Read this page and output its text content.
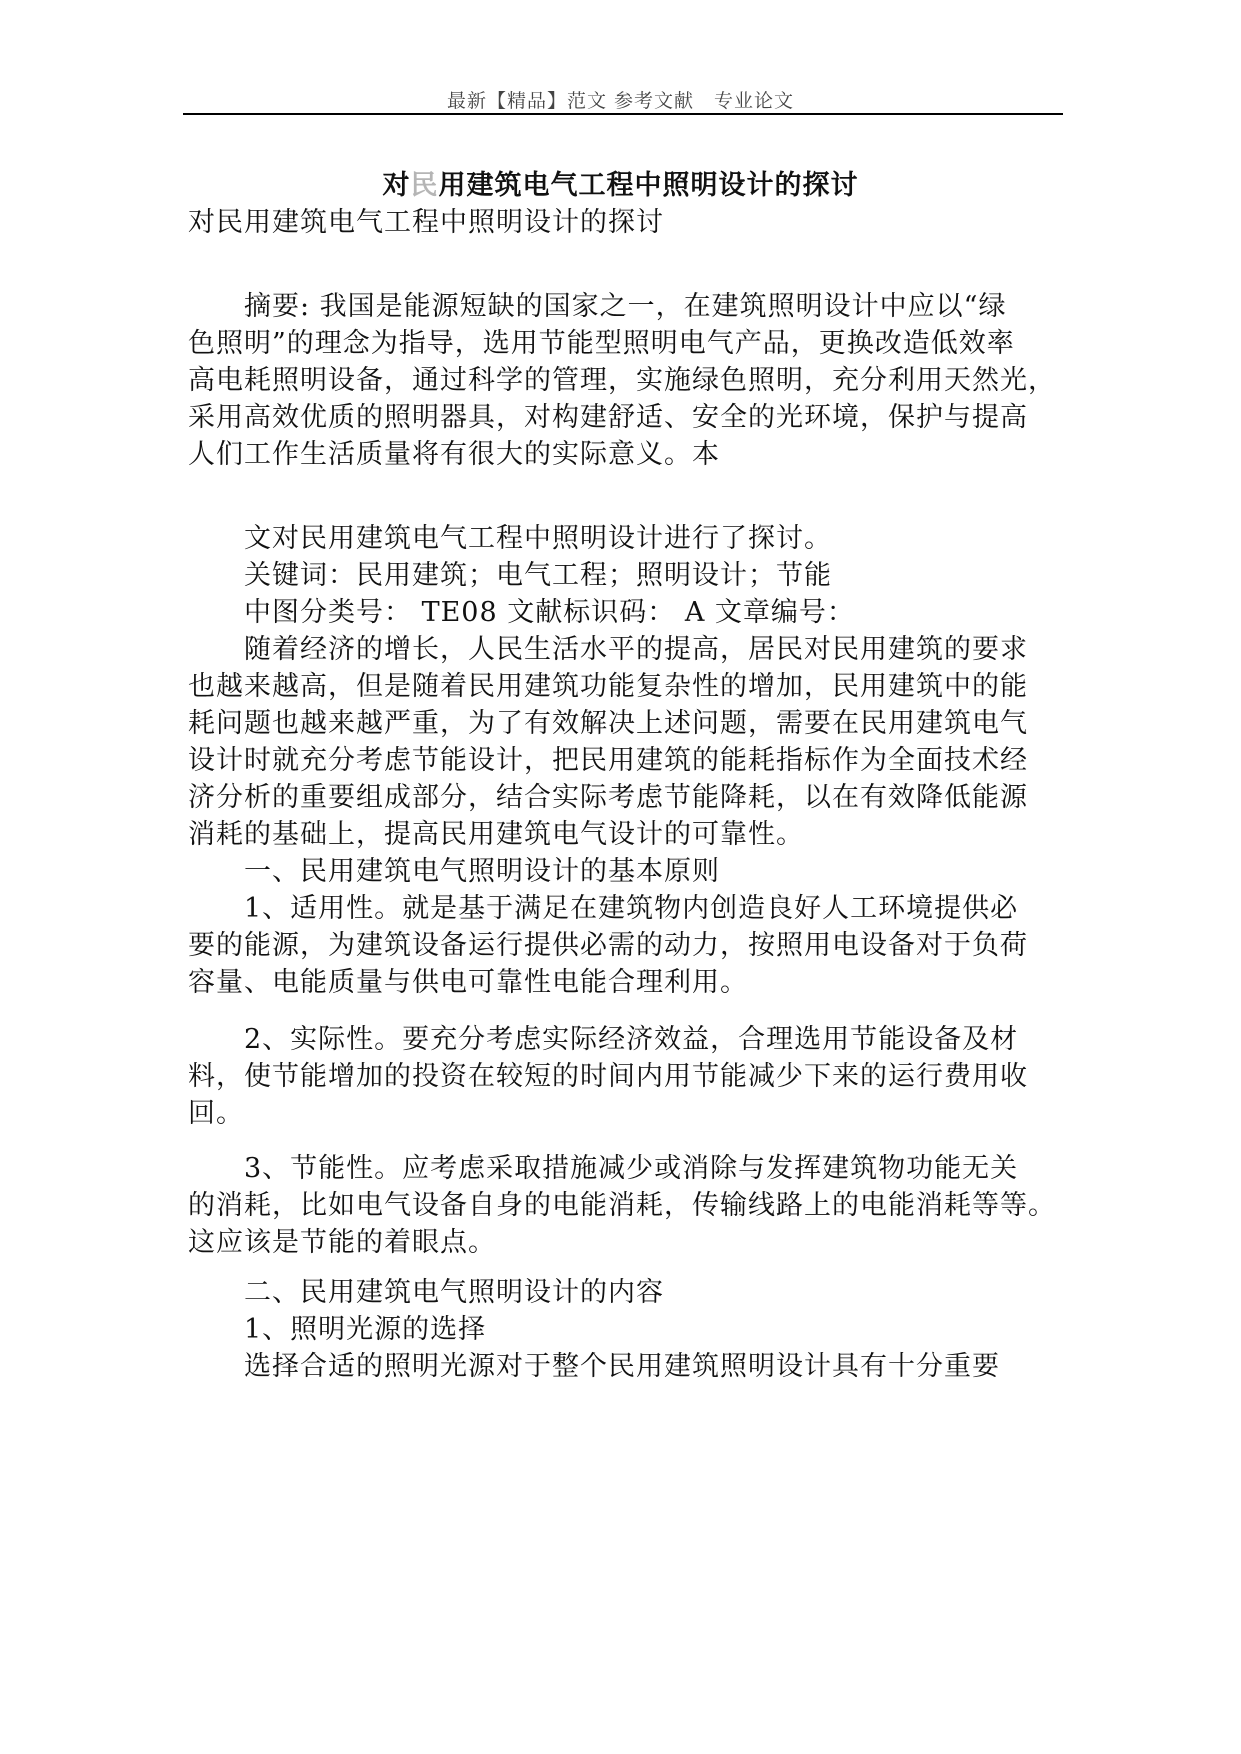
最新【精品】范文 参考文献　专业论文
对民用建筑电气工程中照明设计的探讨

对民用建筑电气工程中照明设计的探讨

　　摘要: 我国是能源短缺的国家之一，在建筑照明设计中应以“绿

色照明”的理念为指导，选用节能型照明电气产品，更换改造低效率

高电耗照明设备，通过科学的管理，实施绿色照明，充分利用天然光，

采用高效优质的照明器具，对构建舒适、安全的光环境，保护与提高

人们工作生活质量将有很大的实际意义。本

　　文对民用建筑电气工程中照明设计进行了探讨。

　　关键词：民用建筑；电气工程；照明设计；节能

　　中图分类号： TE08 文献标识码： A 文章编号：

　　随着经济的增长，人民生活水平的提高，居民对民用建筑的要求

也越来越高，但是随着民用建筑功能复杂性的增加，民用建筑中的能

耗问题也越来越严重，为了有效解决上述问题，需要在民用建筑电气

设计时就充分考虑节能设计，把民用建筑的能耗指标作为全面技术经

济分析的重要组成部分，结合实际考虑节能降耗，以在有效降低能源

消耗的基础上，提高民用建筑电气设计的可靠性。

　　一、民用建筑电气照明设计的基本原则

　　1、适用性。就是基于满足在建筑物内创造良好人工环境提供必

要的能源，为建筑设备运行提供必需的动力，按照用电设备对于负荷

容量、电能质量与供电可靠性电能合理利用。

　　2、实际性。要充分考虑实际经济效益，合理选用节能设备及材

料，使节能增加的投资在较短的时间内用节能减少下来的运行费用收

回。

　　3、节能性。应考虑采取措施减少或消除与发挥建筑物功能无关

的消耗，比如电气设备自身的电能消耗，传输线路上的电能消耗等等。

这应该是节能的着眼点。

　　二、民用建筑电气照明设计的内容

　　1、照明光源的选择

　　选择合适的照明光源对于整个民用建筑照明设计具有十分重要
